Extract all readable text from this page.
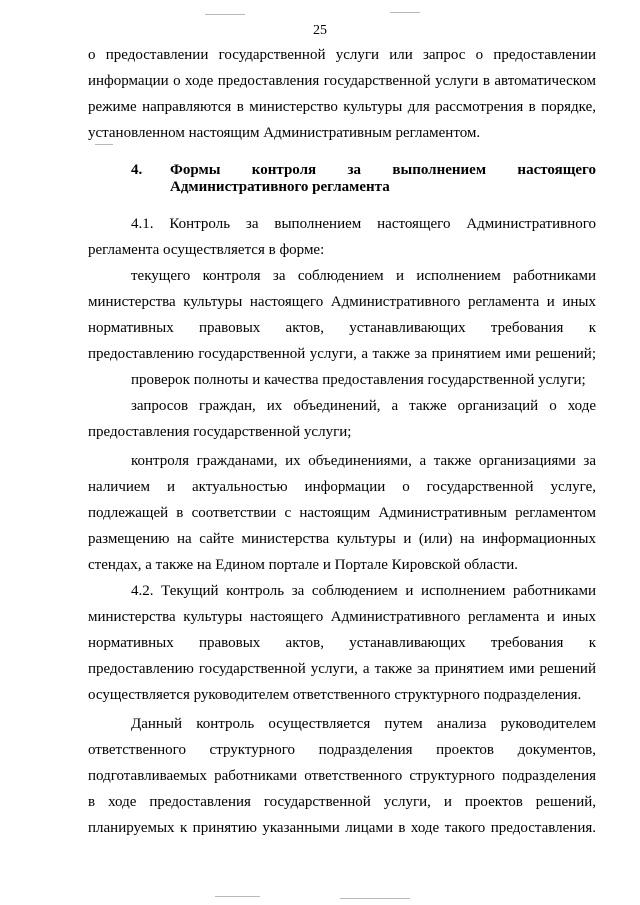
25
о предоставлении государственной услуги или запрос о предоставлении
информации о ходе предоставления государственной услуги в автоматическом
режиме направляются в министерство культуры для рассмотрения в порядке,
установленном настоящим Административным регламентом.
4. Формы контроля за выполнением настоящего
Административного регламента
4.1. Контроль за выполнением настоящего Административного
регламента осуществляется в форме:
текущего контроля за соблюдением и исполнением работниками
министерства культуры настоящего Административного регламента и иных
нормативных правовых актов, устанавливающих требования к
предоставлению государственной услуги, а также за принятием ими решений;
проверок полноты и качества предоставления государственной услуги;
запросов граждан, их объединений, а также организаций о ходе
предоставления государственной услуги;
контроля гражданами, их объединениями, а также организациями за
наличием и актуальностью информации о государственной услуге,
подлежащей в соответствии с настоящим Административным регламентом
размещению на сайте министерства культуры и (или) на информационных
стендах, а также на Едином портале и Портале Кировской области.
4.2. Текущий контроль за соблюдением и исполнением работниками
министерства культуры настоящего Административного регламента и иных
нормативных правовых актов, устанавливающих требования к
предоставлению государственной услуги, а также за принятием ими решений
осуществляется руководителем ответственного структурного подразделения.
Данный контроль осуществляется путем анализа руководителем
ответственного структурного подразделения проектов документов,
подготавливаемых работниками ответственного структурного подразделения
в ходе предоставления государственной услуги, и проектов решений,
планируемых к принятию указанными лицами в ходе такого предоставления.
